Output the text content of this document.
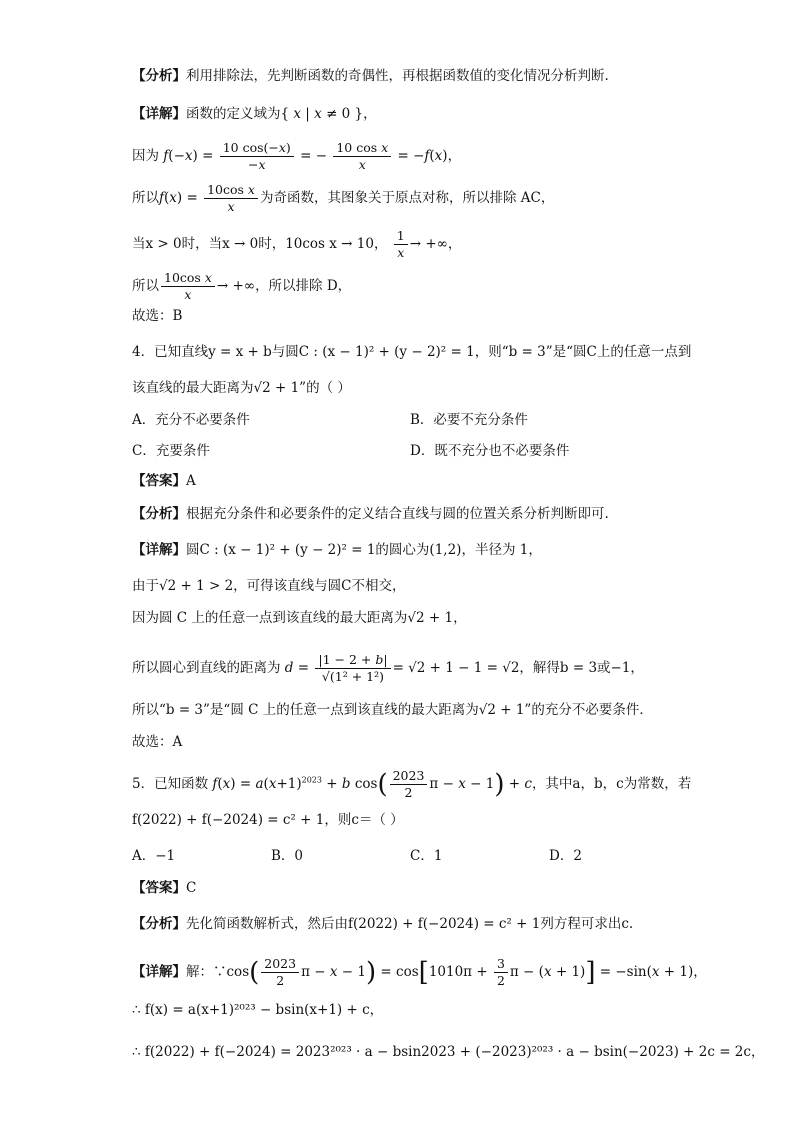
【分析】利用排除法，先判断函数的奇偶性，再根据函数值的变化情况分析判断.
【详解】函数的定义域为{ x | x ≠ 0 }，
因为 $f(-x) = \frac{10 \cos(-x)}{-x}$ = − $\frac{\text{10 cos x}}{x} = -f(x)$，
所以$f(x) = \frac{\text{10cos x}}{x}$ 为奇函数，其图象关于原点对称，所以排除 AC，
当x > 0时，当x → 0时，10cos x → 10， $\frac{1}{x}$ → +∞，
所以 $\frac{\text{10cos x}}{x}$ → +∞，所以排除 D，
故选：B
4．已知直线y = x + b与圆C : (x − 1)² + (y − 2)² = 1，则“b = 3”是“圆C上的任意一点到
该直线的最大距离为√2 + 1”的（ ）
A．充分不必要条件	B．必要不充分条件
C．充要条件	D．既不充分也不必要条件
【答案】A
【分析】根据充分条件和必要条件的定义结合直线与圆的位置关系分析判断即可.
【详解】圆C : (x − 1)² + (y − 2)² = 1的圆心为(1,2)，半径为 1，
由于√2 + 1 > 2，可得该直线与圆C不相交，
因为圆 C 上的任意一点到该直线的最大距离为√2 + 1，
所以圆心到直线的距离为 $d = \frac{|1 - 2 + b|}{\text{√(1² + 1²)}} = √2 + 1 - 1 = √2$，解得b = 3或−1，
所以“b = 3”是“圆 C 上的任意一点到该直线的最大距离为√2 + 1”的充分不必要条件．
故选：A
5．已知函数 $f(x) = a(x+1)^{2023} + b$ $\cos( \frac{2023}{2}$ π − x − 1) + c，其中a，b，c为常数，若
f(2022) + f(−2024) = c² + 1，则c＝（ ）
A．−1	B．0	C．1	D．2
【答案】C
【分析】先化简函数解析式，然后由f(2022) + f(−2024) = c² + 1列方程可求出c.
【详解】解：∵cos( $\frac{2023}{2}$ $\pi - x - 1) = \cos[1010\pi + \frac{3}{2}$ π − (x + 1)] = −sin(x + 1)，
∴ f(x) = a(x+1)²⁰²³ − bsin(x+1) + c，
∴ f(2022) + f(−2024) = 2023²⁰²³ · a − bsin2023 + (−2023)²⁰²³ · a − bsin(−2023) + 2c = 2c，
